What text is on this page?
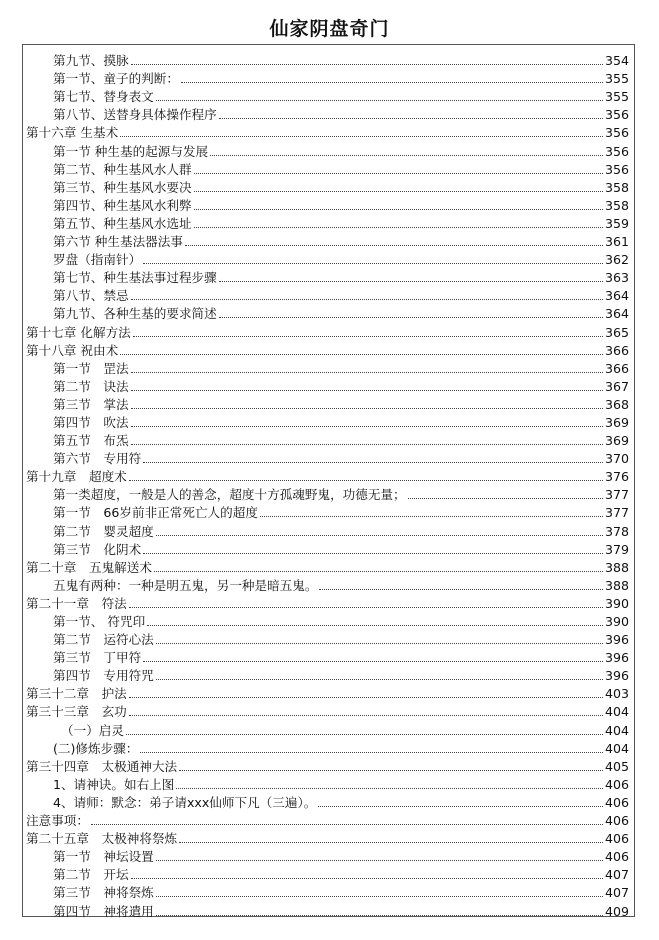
仙家阴盘奇门
第九节、摸脉	354
第一节、童子的判断：	355
第七节、替身表文	355
第八节、送替身具体操作程序	356
第十六章 生基术	356
第一节 种生基的起源与发展	356
第二节、种生基风水人群	356
第三节、种生基风水要决	358
第四节、种生基风水利弊	358
第五节、种生基风水选址	359
第六节 种生基法器法事	361
罗盘（指南针）	362
第七节、种生基法事过程步骤	363
第八节、禁忌	364
第九节、各种生基的要求简述	364
第十七章 化解方法	365
第十八章 祝由术	366
第一节　罡法	366
第二节　诀法	367
第三节　掌法	368
第四节　吹法	369
第五节　布炁	369
第六节　专用符	370
第十九章　超度术	376
第一类超度，一般是人的善念，超度十方孤魂野鬼，功德无量；	377
第一节　66岁前非正常死亡人的超度	377
第二节　婴灵超度	378
第三节　化阴术	379
第二十章　五鬼解送术	388
五鬼有两种：一种是明五鬼，另一种是暗五鬼。	388
第二十一章　符法	390
第一节、 符咒印	390
第二节　运符心法	396
第三节　丁甲符	396
第四节　专用符咒	396
第三十二章　护法	403
第三十三章　玄功	404
（一）启灵	404
(二)修炼步骤：	404
第三十四章　太极通神大法	405
1、请神诀。如右上图	406
4、请师：默念：弟子请xxx仙师下凡（三遍）。	406
注意事项：	406
第二十五章　太极神将祭炼	406
第一节　神坛设置	406
第二节　开坛	407
第三节　神将祭炼	407
第四节　神将遣用	409
